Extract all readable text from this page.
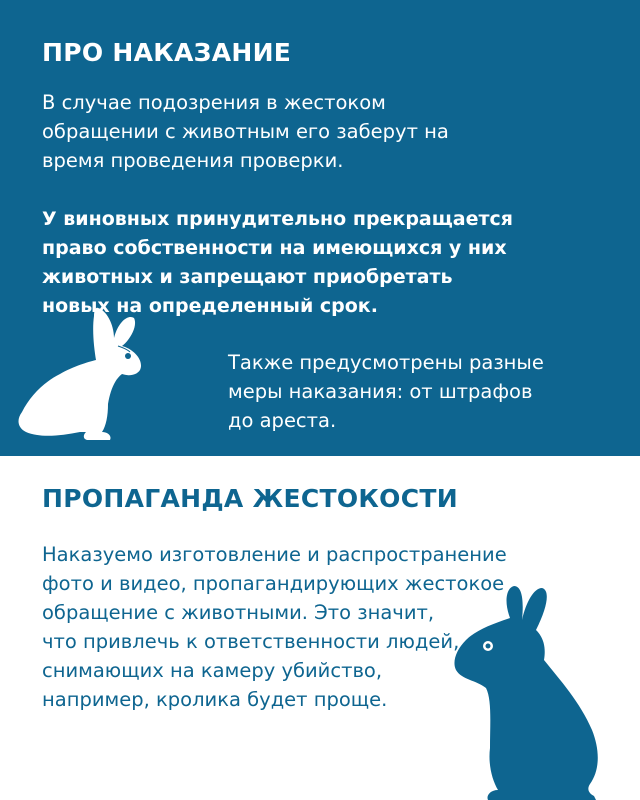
ПРО НАКАЗАНИЕ

В случае подозрения в жестоком
обращении с животным его заберут на
время проведения проверки.

У виновных принудительно прекращается
право собственности на имеющихся у них
животных и запрещают приобретать
новых на определенный срок.

Также предусмотрены разные
меры наказания: от штрафов
до ареста.

ПРОПАГАНДА ЖЕСТОКОСТИ

Наказуемо изготовление и распространение
фото и видео, пропагандирующих жестокое
обращение с животными. Это значит,
что привлечь к ответственности людей,
снимающих на камеру убийство,
например, кролика будет проще.
